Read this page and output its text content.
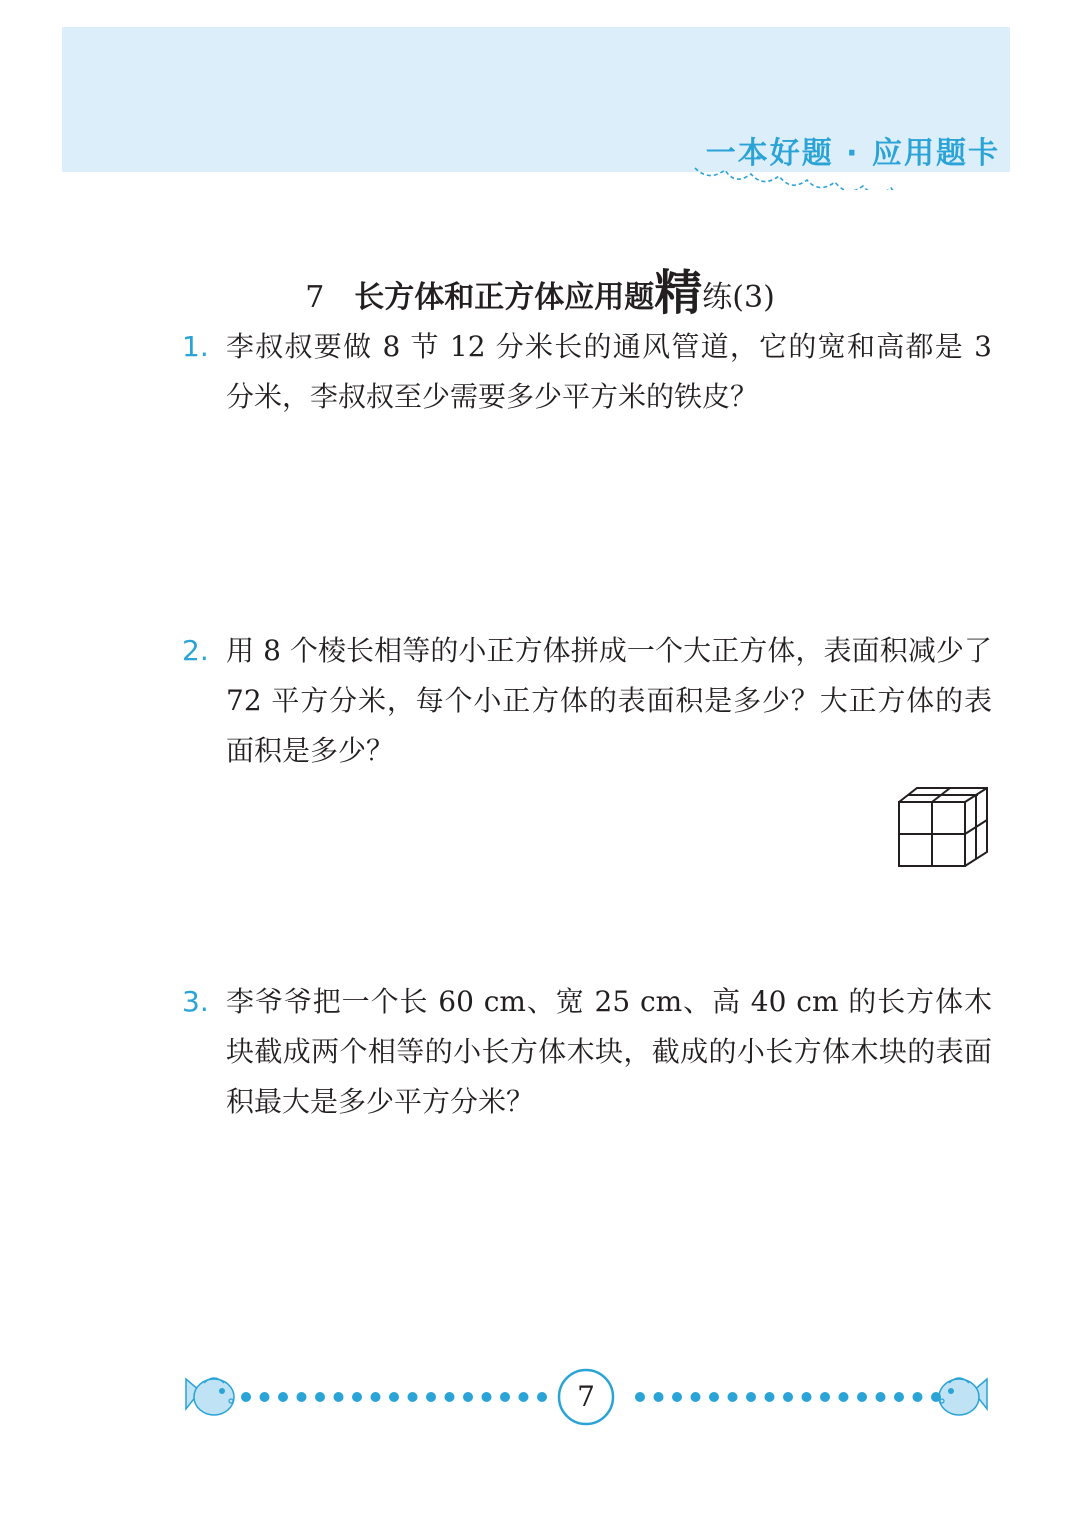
一本好题 · 应用题卡
7 长方体和正方体应用题精练(3)
1. 李叔叔要做 8 节 12 分米长的通风管道，它的宽和高都是 3 分米，李叔叔至少需要多少平方米的铁皮？
2. 用 8 个棱长相等的小正方体拼成一个大正方体，表面积减少了 72 平方分米，每个小正方体的表面积是多少？大正方体的表面积是多少？
3. 李爷爷把一个长 60 cm、宽 25 cm、高 40 cm 的长方体木块截成两个相等的小长方体木块，截成的小长方体木块的表面积最大是多少平方分米？
7
